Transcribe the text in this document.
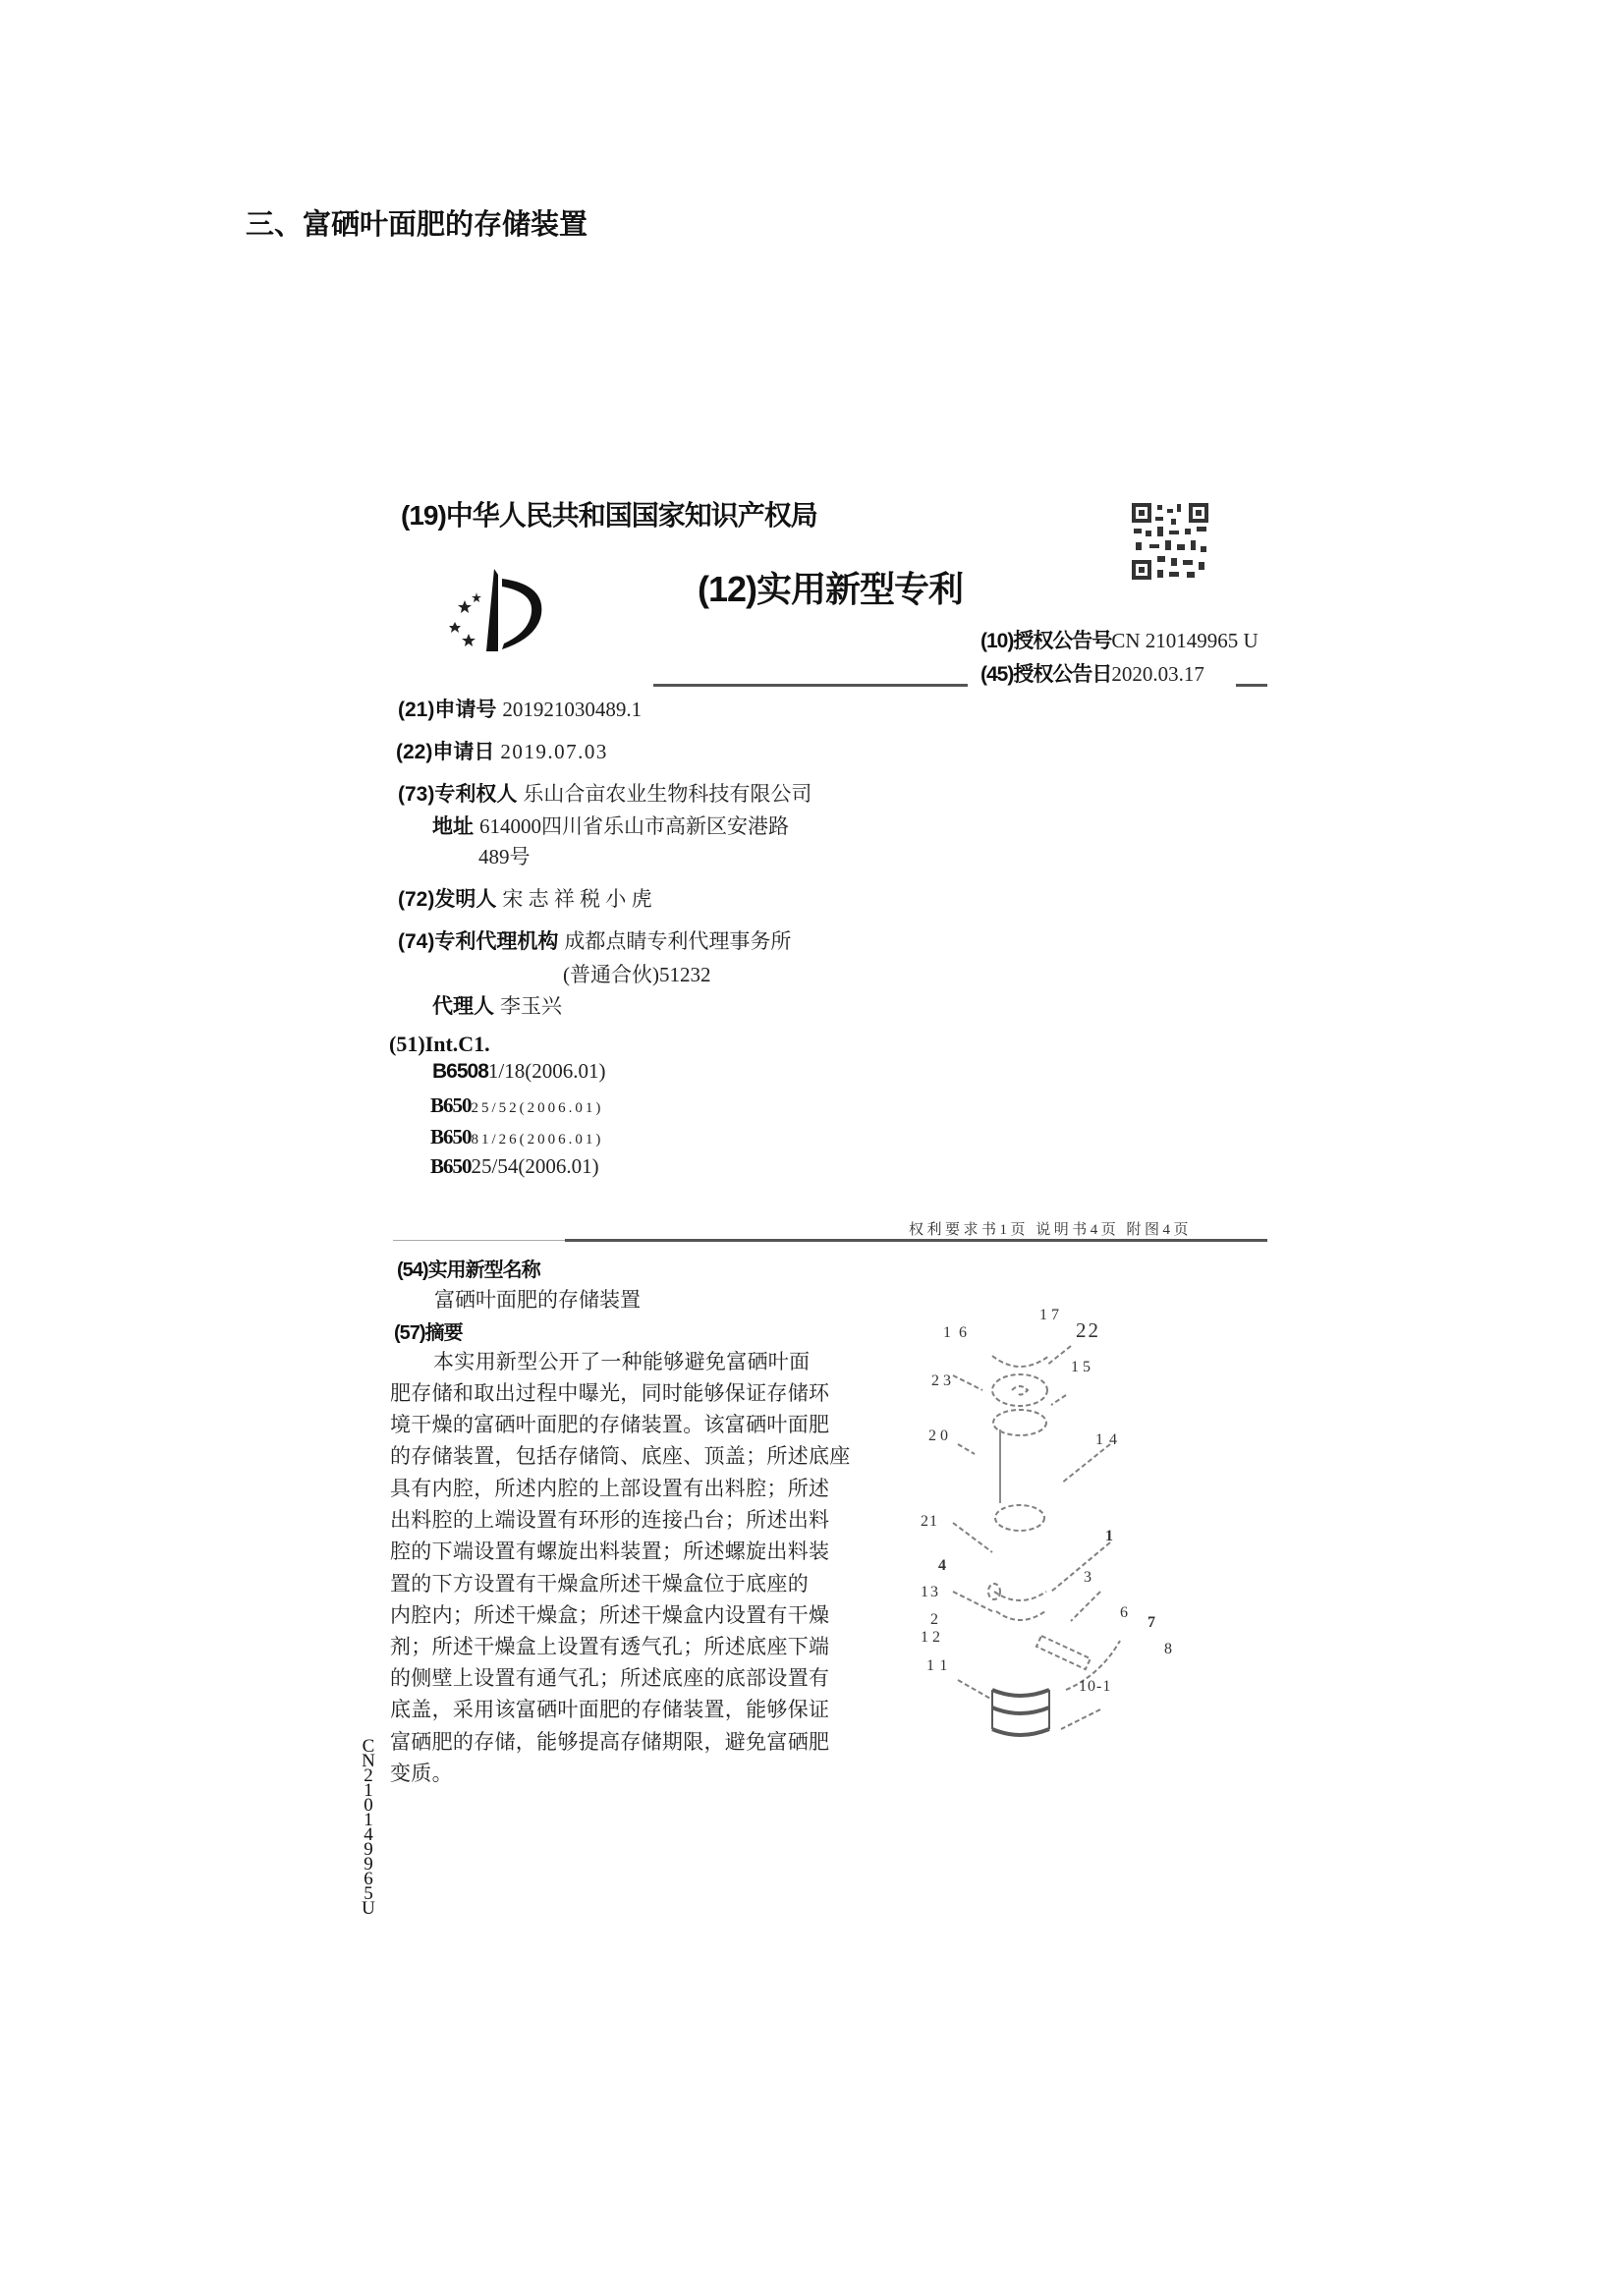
三、富硒叶面肥的存储装置
(19)中华人民共和国国家知识产权局
(12)实用新型专利
(10)授权公告号CN 210149965 U
(45)授权公告日2020.03.17
(21)申请号 201921030489.1
(22)申请日 2019.07.03
(73)专利权人 乐山合亩农业生物科技有限公司
地址 614000四川省乐山市高新区安港路
489号
(72)发明人 宋 志 祥 税 小 虎
(74)专利代理机构 成都点睛专利代理事务所
(普通合伙)51232
代理人 李玉兴
(51)Int.C1.
B65081/18(2006.01)
B65025/52(2006.01)
B65081/26(2006.01)
B65025/54(2006.01)
权利要求书1页 说明书4页 附图4页
(54)实用新型名称
富硒叶面肥的存储装置
(57)摘要
本实用新型公开了一种能够避免富硒叶面
肥存储和取出过程中曝光，同时能够保证存储环
境干燥的富硒叶面肥的存储装置。该富硒叶面肥
的存储装置，包括存储筒、底座、顶盖；所述底座
具有内腔，所述内腔的上部设置有出料腔；所述
出料腔的上端设置有环形的连接凸台；所述出料
腔的下端设置有螺旋出料装置；所述螺旋出料装
置的下方设置有干燥盒所述干燥盒位于底座的
内腔内；所述干燥盒；所述干燥盒内设置有干燥
剂；所述干燥盒上设置有透气孔；所述底座下端
的侧壁上设置有通气孔；所述底座的底部设置有
底盖，采用该富硒叶面肥的存储装置，能够保证
富硒肥的存储，能够提高存储期限，避免富硒肥
变质。
CN210149965U
17
22
16
15
23
20	14
21
1
4
3
13
6
7
2
12
8
11
10-1
